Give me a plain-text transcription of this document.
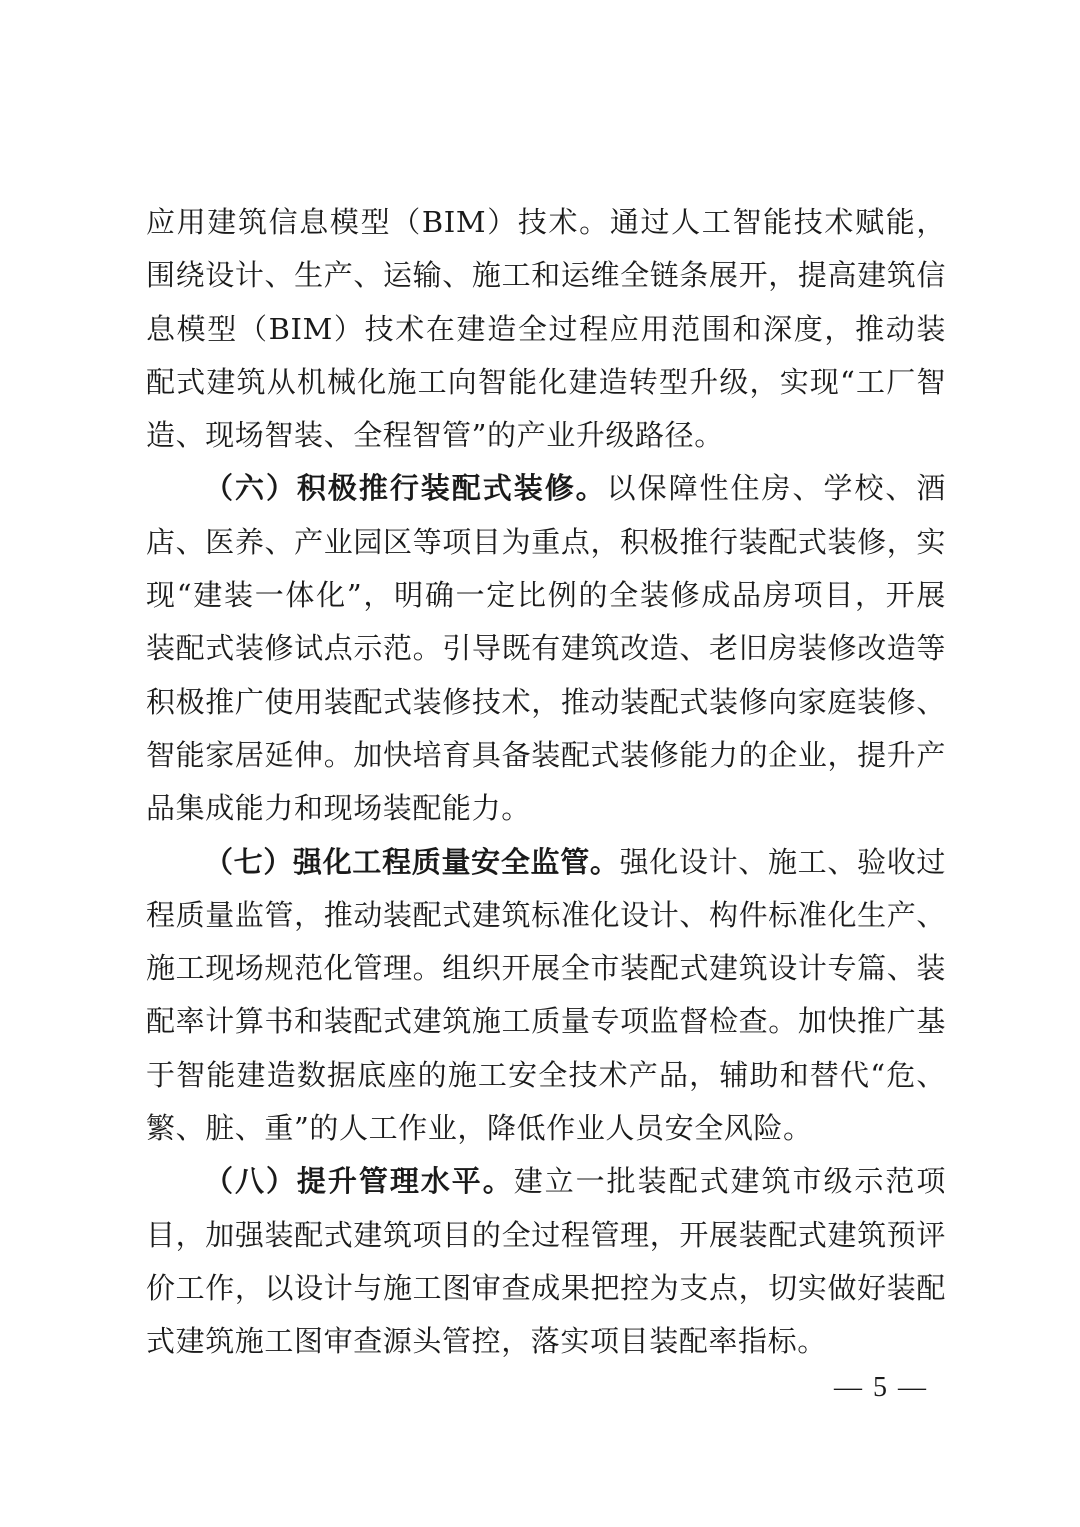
应用建筑信息模型（BIM）技术。通过人工智能技术赋能，围绕设计、生产、运输、施工和运维全链条展开，提高建筑信息模型（BIM）技术在建造全过程应用范围和深度，推动装配式建筑从机械化施工向智能化建造转型升级，实现“工厂智造、现场智装、全程智管”的产业升级路径。

（六）积极推行装配式装修。以保障性住房、学校、酒店、医养、产业园区等项目为重点，积极推行装配式装修，实现“建装一体化”，明确一定比例的全装修成品房项目，开展装配式装修试点示范。引导既有建筑改造、老旧房装修改造等积极推广使用装配式装修技术，推动装配式装修向家庭装修、智能家居延伸。加快培育具备装配式装修能力的企业，提升产品集成能力和现场装配能力。

（七）强化工程质量安全监管。强化设计、施工、验收过程质量监管，推动装配式建筑标准化设计、构件标准化生产、施工现场规范化管理。组织开展全市装配式建筑设计专篇、装配率计算书和装配式建筑施工质量专项监督检查。加快推广基于智能建造数据底座的施工安全技术产品，辅助和替代“危、繁、脏、重”的人工作业，降低作业人员安全风险。

（八）提升管理水平。建立一批装配式建筑市级示范项目，加强装配式建筑项目的全过程管理，开展装配式建筑预评价工作，以设计与施工图审查成果把控为支点，切实做好装配式建筑施工图审查源头管控，落实项目装配率指标。

— 5 —
